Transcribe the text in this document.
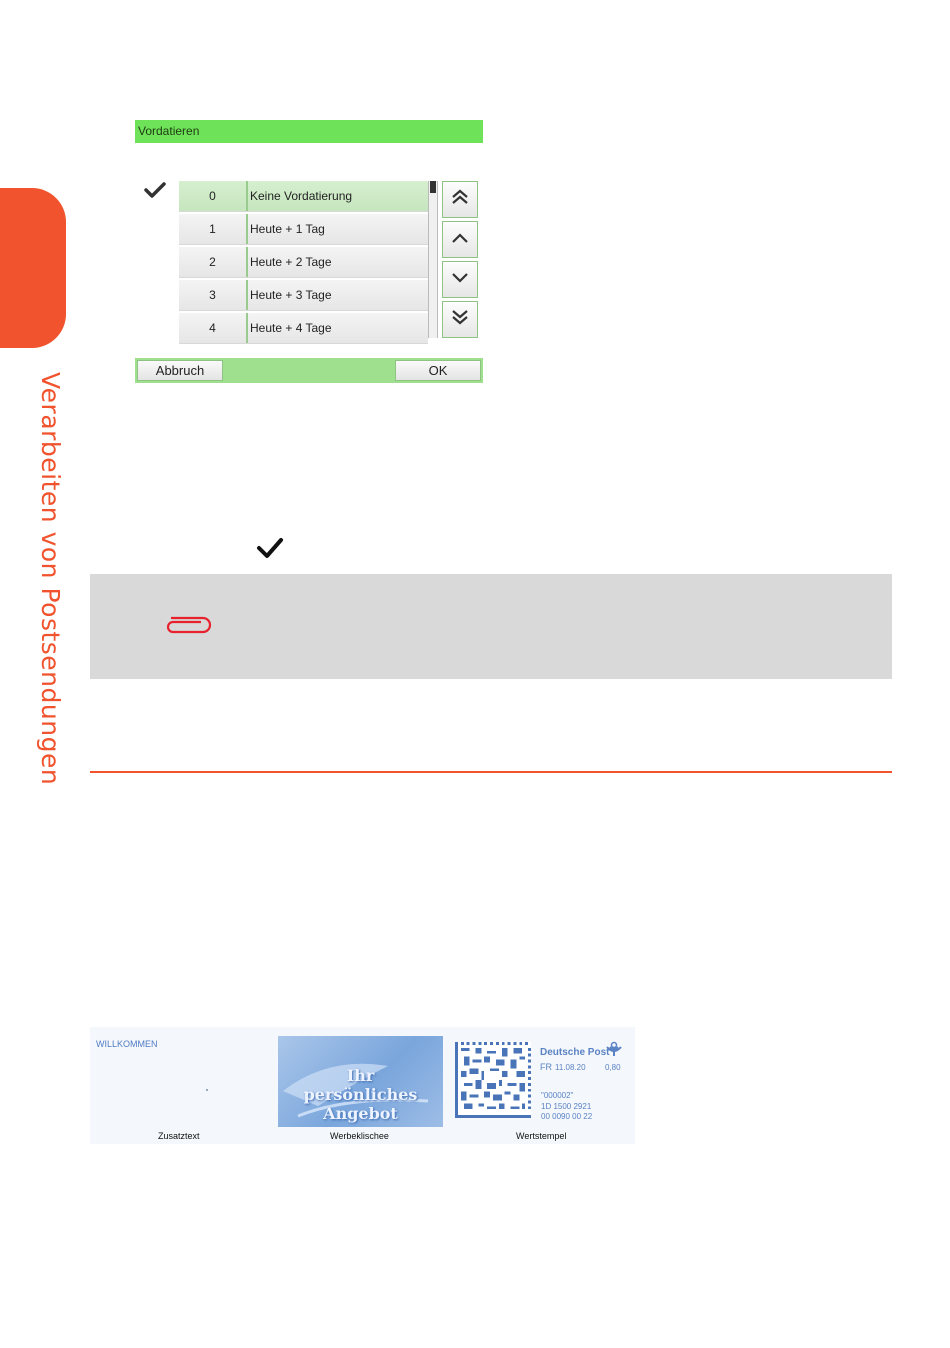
Verarbeiten von Postsendungen
Vordatieren
0	Keine Vordatierung
1	Heute + 1 Tag
2	Heute + 2 Tage
3	Heute + 3 Tage
4	Heute + 4 Tage
Abbruch	OK
WILLKOMMEN
Ihr
persönliches
Angebot
Deutsche Post
FR 11.08.20 0,80
"000002"
1D 1500 2921
00 0090 00 22
Zusatztext	Werbeklischee	Wertstempel
